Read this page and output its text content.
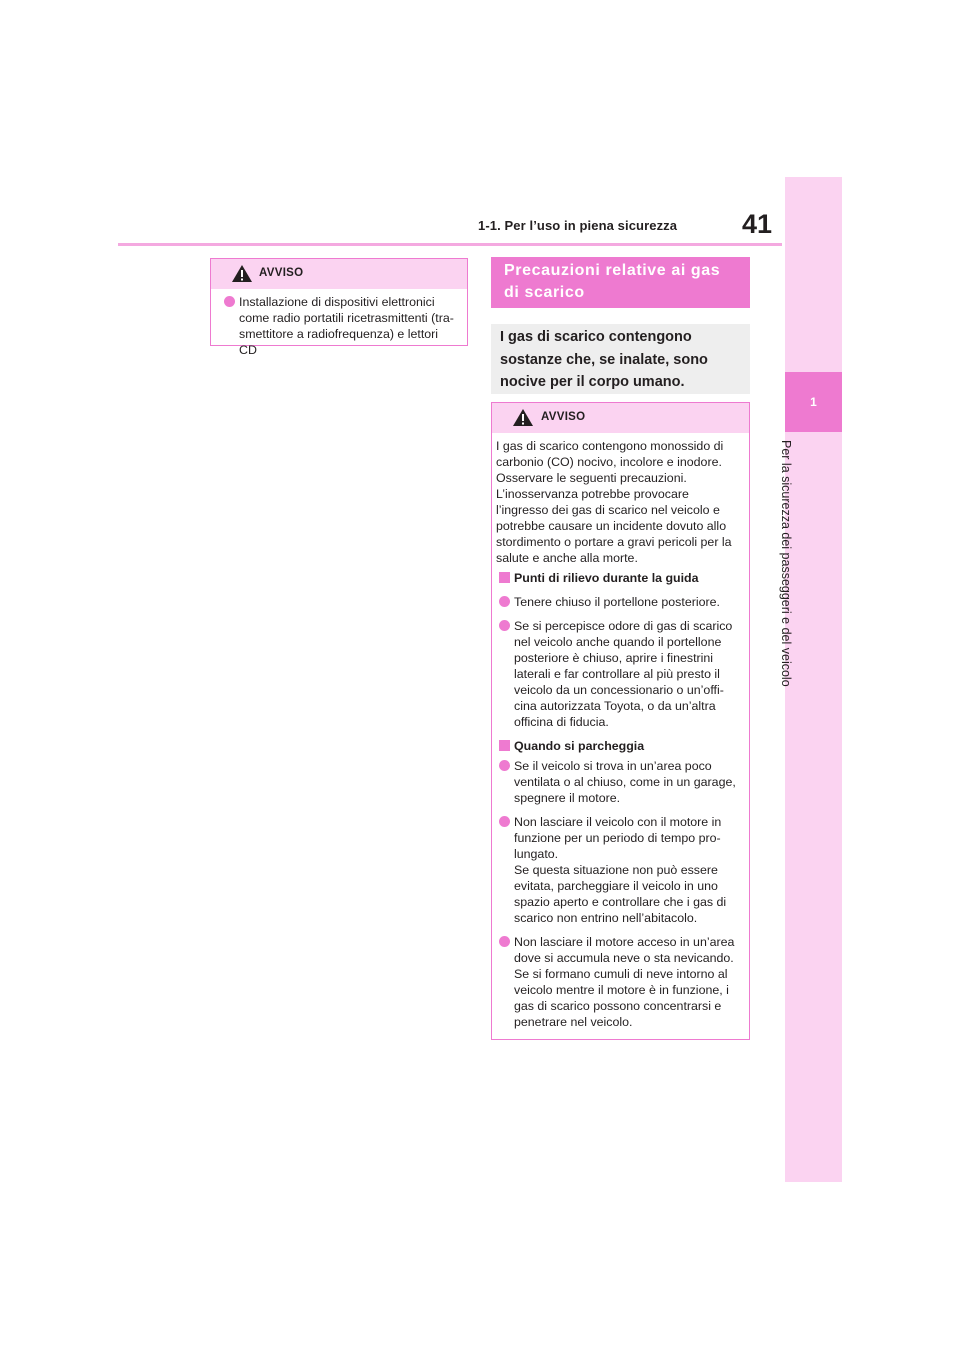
1-1. Per l’uso in piena sicurezza 41
1
Per la sicurezza dei passeggeri e del veicolo
AVVISO
Installazione di dispositivi elettronici
come radio portatili ricetrasmittenti (tra-
smettitore a radiofrequenza) e lettori CD
Precauzioni relative ai gas
di scarico
I gas di scarico contengono
sostanze che, se inalate, sono
nocive per il corpo umano.
AVVISO
I gas di scarico contengono monossido di
carbonio (CO) nocivo, incolore e inodore.
Osservare le seguenti precauzioni.
L’inosservanza potrebbe provocare
l’ingresso dei gas di scarico nel veicolo e
potrebbe causare un incidente dovuto allo
stordimento o portare a gravi pericoli per la
salute e anche alla morte.
Punti di rilievo durante la guida
Tenere chiuso il portellone posteriore.
Se si percepisce odore di gas di scarico
nel veicolo anche quando il portellone
posteriore è chiuso, aprire i finestrini
laterali e far controllare al più presto il
veicolo da un concessionario o un’offi-
cina autorizzata Toyota, o da un’altra
officina di fiducia.
Quando si parcheggia
Se il veicolo si trova in un’area poco
ventilata o al chiuso, come in un garage,
spegnere il motore.
Non lasciare il veicolo con il motore in
funzione per un periodo di tempo pro-
lungato.
Se questa situazione non può essere
evitata, parcheggiare il veicolo in uno
spazio aperto e controllare che i gas di
scarico non entrino nell’abitacolo.
Non lasciare il motore acceso in un’area
dove si accumula neve o sta nevicando.
Se si formano cumuli di neve intorno al
veicolo mentre il motore è in funzione, i
gas di scarico possono concentrarsi e
penetrare nel veicolo.
